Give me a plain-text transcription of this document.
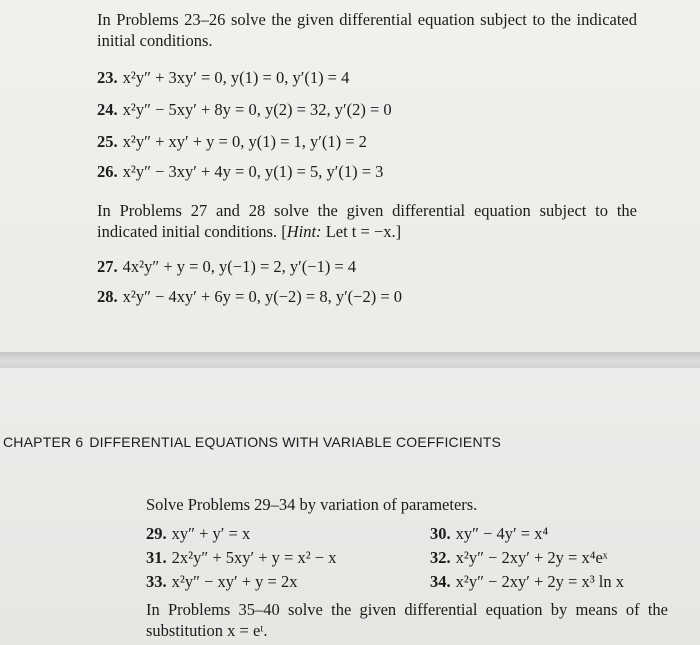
In Problems 23–26 solve the given differential equation subject to the indicated initial conditions.
23. x²y″ + 3xy′ = 0, y(1) = 0, y′(1) = 4
24. x²y″ − 5xy′ + 8y = 0, y(2) = 32, y′(2) = 0
25. x²y″ + xy′ + y = 0, y(1) = 1, y′(1) = 2
26. x²y″ − 3xy′ + 4y = 0, y(1) = 5, y′(1) = 3
In Problems 27 and 28 solve the given differential equation subject to the indicated initial conditions. [Hint: Let t = −x.]
27. 4x²y″ + y = 0, y(−1) = 2, y′(−1) = 4
28. x²y″ − 4xy′ + 6y = 0, y(−2) = 8, y′(−2) = 0
CHAPTER 6 DIFFERENTIAL EQUATIONS WITH VARIABLE COEFFICIENTS
Solve Problems 29–34 by variation of parameters.
29. xy″ + y′ = x	30. xy″ − 4y′ = x⁴
31. 2x²y″ + 5xy′ + y = x² − x	32. x²y″ − 2xy′ + 2y = x⁴eˣ
33. x²y″ − xy′ + y = 2x	34. x²y″ − 2xy′ + 2y = x³ ln x
In Problems 35–40 solve the given differential equation by means of the substitution x = eᵗ.
